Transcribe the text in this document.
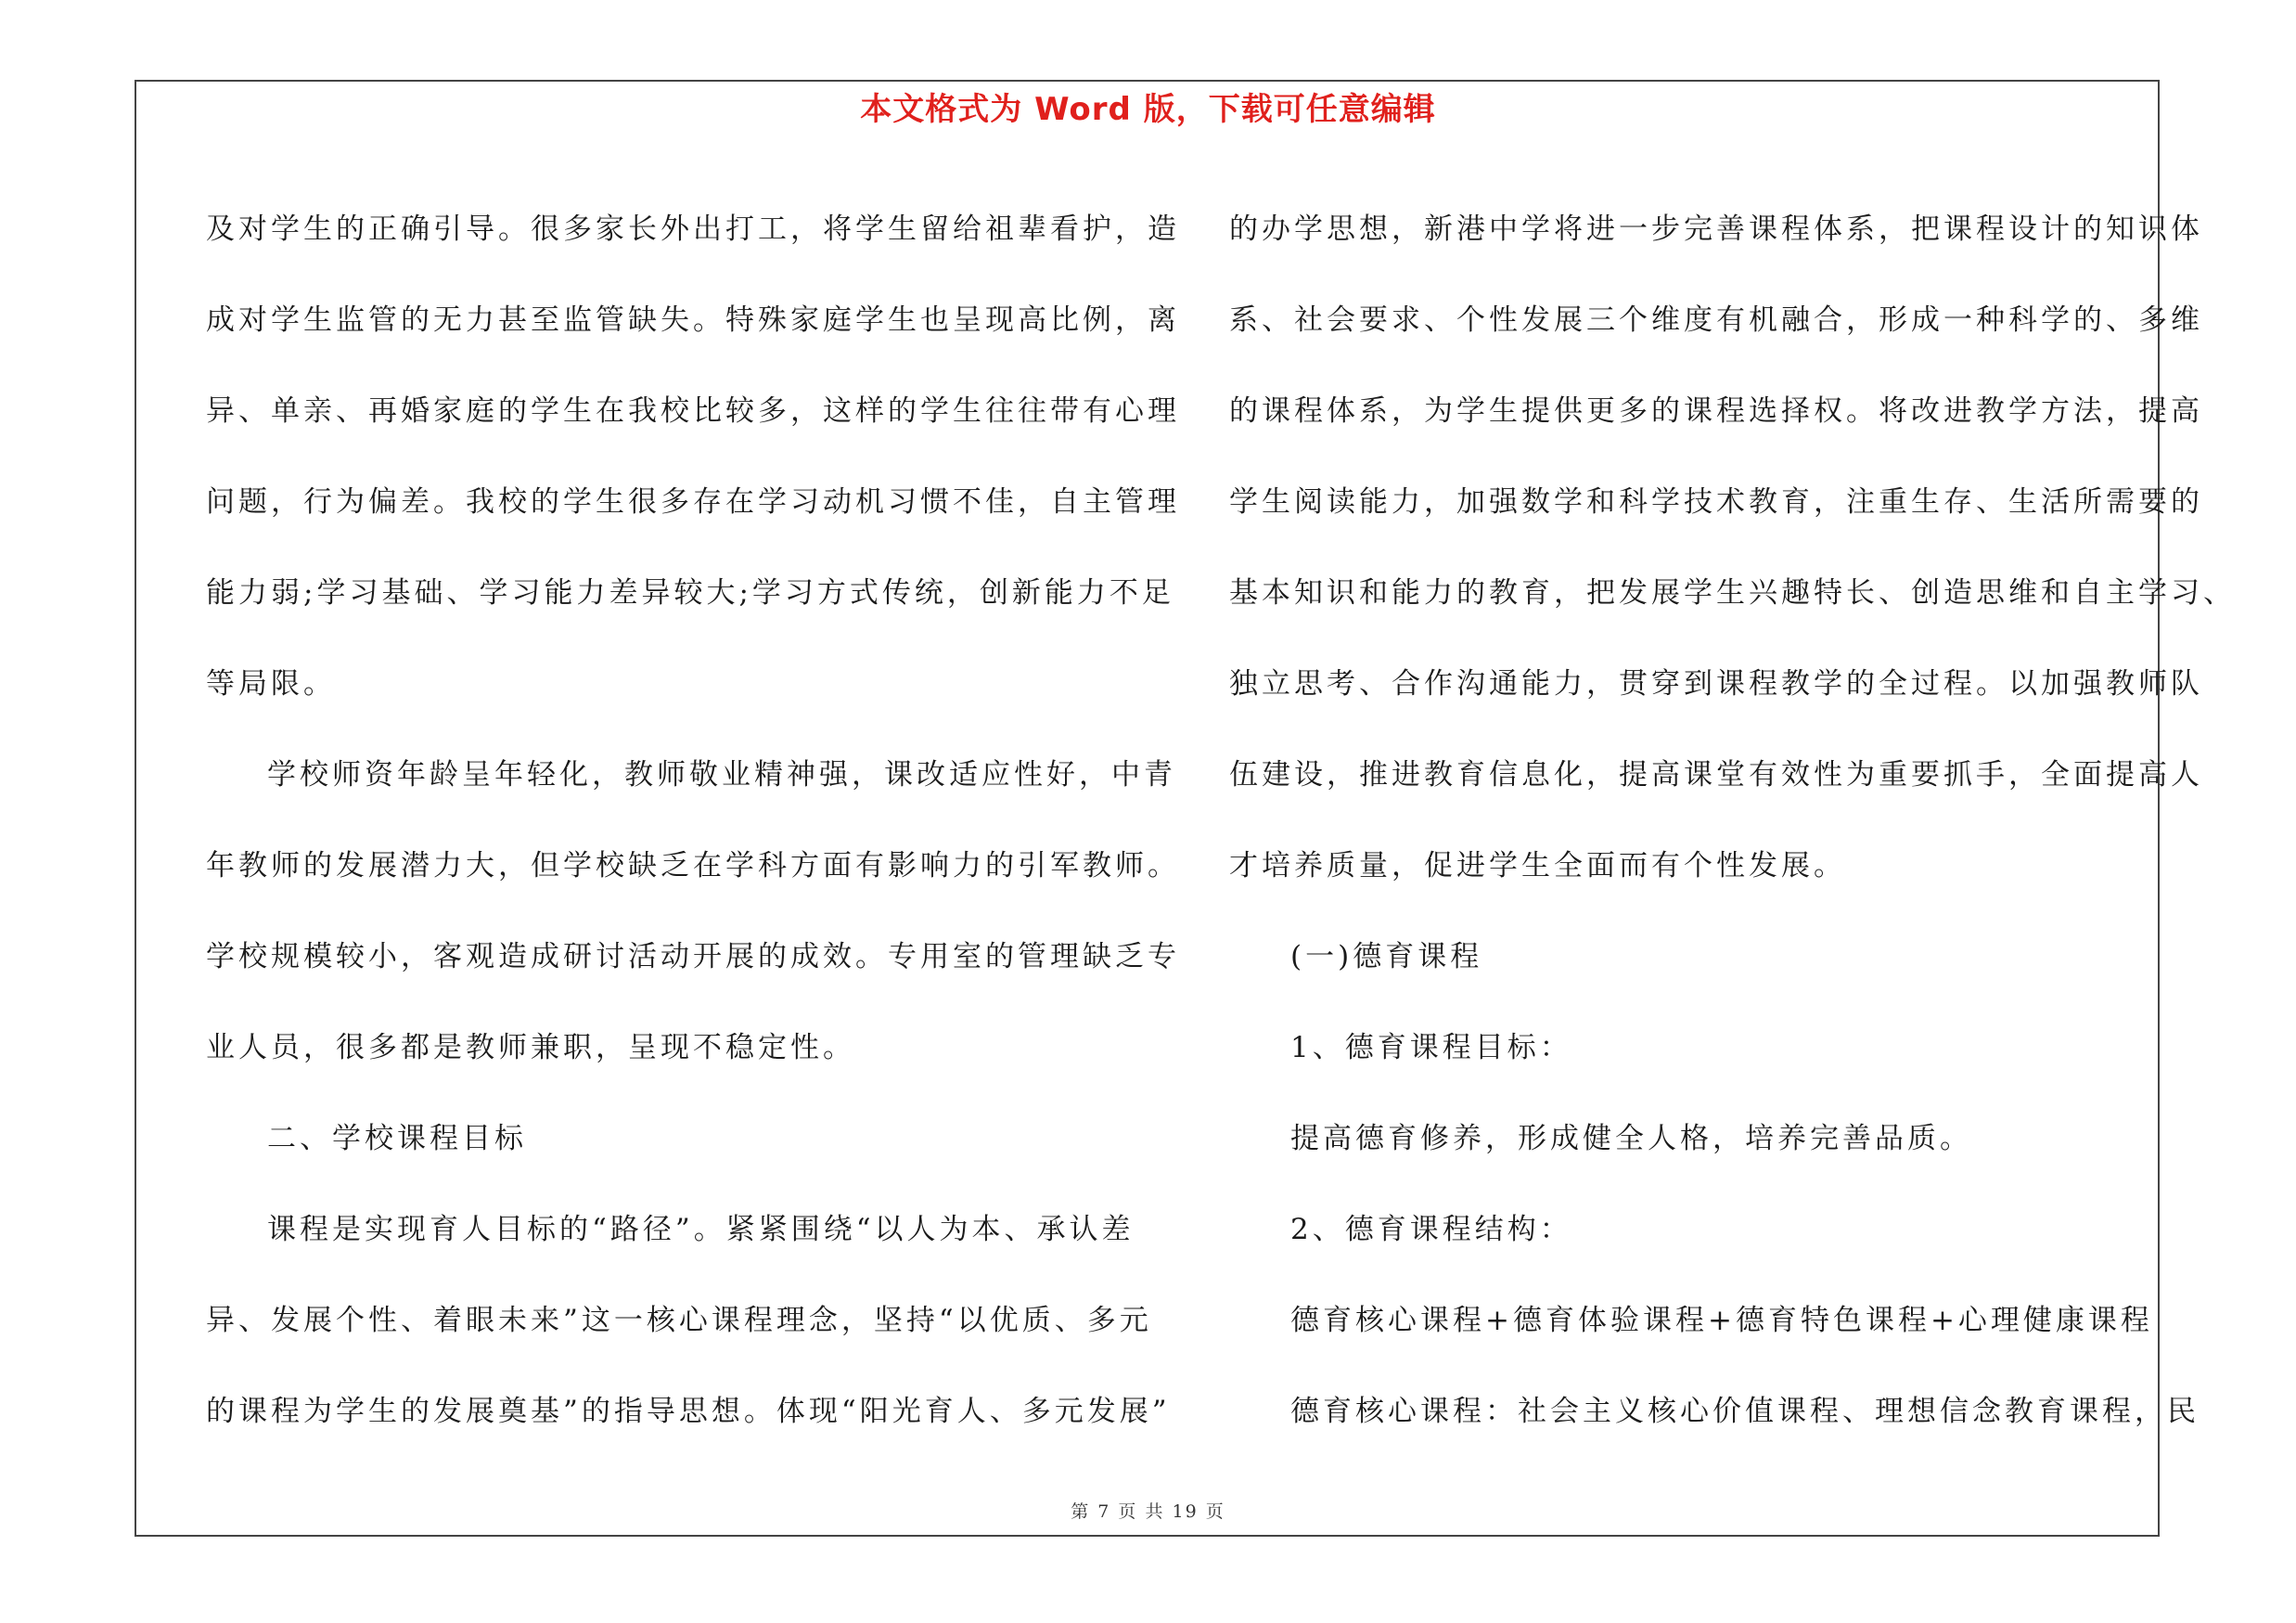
本文格式为 Word 版，下载可任意编辑
及对学生的正确引导。很多家长外出打工，将学生留给祖辈看护，造
成对学生监管的无力甚至监管缺失。特殊家庭学生也呈现高比例，离
异、单亲、再婚家庭的学生在我校比较多，这样的学生往往带有心理
问题，行为偏差。我校的学生很多存在学习动机习惯不佳，自主管理
能力弱;学习基础、学习能力差异较大;学习方式传统，创新能力不足
等局限。
学校师资年龄呈年轻化，教师敬业精神强，课改适应性好，中青
年教师的发展潜力大，但学校缺乏在学科方面有影响力的引军教师。
学校规模较小，客观造成研讨活动开展的成效。专用室的管理缺乏专
业人员，很多都是教师兼职，呈现不稳定性。
二、学校课程目标
课程是实现育人目标的“路径”。紧紧围绕“以人为本、承认差
异、发展个性、着眼未来”这一核心课程理念，坚持“以优质、多元
的课程为学生的发展奠基”的指导思想。体现“阳光育人、多元发展”
的办学思想，新港中学将进一步完善课程体系，把课程设计的知识体
系、社会要求、个性发展三个维度有机融合，形成一种科学的、多维
的课程体系，为学生提供更多的课程选择权。将改进教学方法，提高
学生阅读能力，加强数学和科学技术教育，注重生存、生活所需要的
基本知识和能力的教育，把发展学生兴趣特长、创造思维和自主学习、
独立思考、合作沟通能力，贯穿到课程教学的全过程。以加强教师队
伍建设，推进教育信息化，提高课堂有效性为重要抓手，全面提高人
才培养质量，促进学生全面而有个性发展。
(一)德育课程
1、德育课程目标：
提高德育修养，形成健全人格，培养完善品质。
2、德育课程结构：
德育核心课程+德育体验课程+德育特色课程+心理健康课程
德育核心课程：社会主义核心价值课程、理想信念教育课程，民
第 7 页 共 19 页
